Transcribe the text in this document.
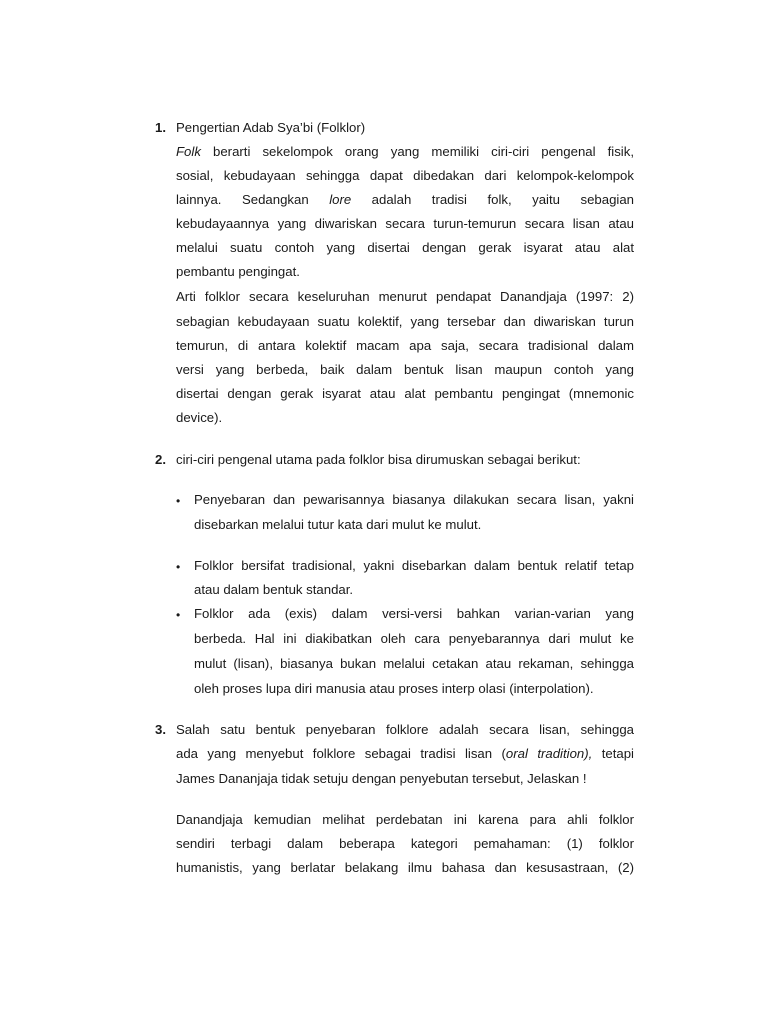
1. Pengertian Adab Sya’bi (Folklor)
Folk berarti sekelompok orang yang memiliki ciri-ciri pengenal fisik,
sosial, kebudayaan sehingga dapat dibedakan dari kelompok-kelompok
lainnya. Sedangkan lore adalah tradisi folk, yaitu sebagian
kebudayaannya yang diwariskan secara turun-temurun secara lisan atau
melalui suatu contoh yang disertai dengan gerak isyarat atau alat
pembantu pengingat.
Arti folklor secara keseluruhan menurut pendapat Danandjaja (1997: 2)
sebagian kebudayaan suatu kolektif, yang tersebar dan diwariskan turun
temurun, di antara kolektif macam apa saja, secara tradisional dalam
versi yang berbeda, baik dalam bentuk lisan maupun contoh yang
disertai dengan gerak isyarat atau alat pembantu pengingat (mnemonic
device).
2. ciri-ciri pengenal utama pada folklor bisa dirumuskan sebagai berikut:
• Penyebaran dan pewarisannya biasanya dilakukan secara lisan, yakni
disebarkan melalui tutur kata dari mulut ke mulut.
• Folklor bersifat tradisional, yakni disebarkan dalam bentuk relatif tetap
atau dalam bentuk standar.
• Folklor ada (exis) dalam versi-versi bahkan varian-varian yang
berbeda. Hal ini diakibatkan oleh cara penyebarannya dari mulut ke
mulut (lisan), biasanya bukan melalui cetakan atau rekaman, sehingga
oleh proses lupa diri manusia atau proses interp olasi (interpolation).
3. Salah satu bentuk penyebaran folklore adalah secara lisan, sehingga
ada yang menyebut folklore sebagai tradisi lisan (oral tradition), tetapi
James Dananjaja tidak setuju dengan penyebutan tersebut, Jelaskan !
Danandjaja kemudian melihat perdebatan ini karena para ahli folklor
sendiri terbagi dalam beberapa kategori pemahaman: (1) folklor
humanistis, yang berlatar belakang ilmu bahasa dan kesusastraan, (2)
